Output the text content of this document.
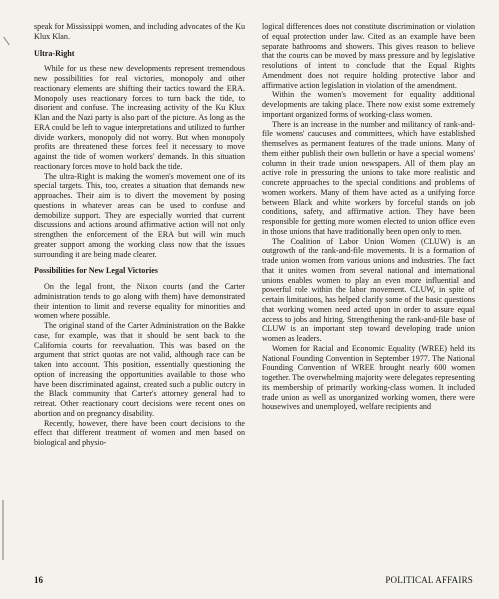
speak for Mississippi women, and including advocates of the Ku Klux Klan.

Ultra-Right

While for us these new developments represent tremendous new possibilities for real victories, monopoly and other reactionary elements are shifting their tactics toward the ERA. Monopoly uses reactionary forces to turn back the tide, to disorient and confuse. The increasing activity of the Ku Klux Klan and the Nazi party is also part of the picture. As long as the ERA could be left to vague interpretations and utilized to further divide workers, monopoly did not worry. But when monopoly profits are threatened these forces feel it necessary to move against the tide of women workers' demands. In this situation reactionary forces move to hold back the tide.

The ultra-Right is making the women's movement one of its special targets. This, too, creates a situation that demands new approaches. Their aim is to divert the movement by posing questions in whatever areas can be used to confuse and demobilize support. They are especially worried that current discussions and actions around affirmative action will not only strengthen the enforcement of the ERA but will win much greater support among the working class now that the issues surrounding it are being made clearer.

Possibilities for New Legal Victories

On the legal front, the Nixon courts (and the Carter administration tends to go along with them) have demonstrated their intention to limit and reverse equality for minorities and women where possible.

The original stand of the Carter Administration on the Bakke case, for example, was that it should be sent back to the California courts for reevaluation. This was based on the argument that strict quotas are not valid, although race can be taken into account. This position, essentially questioning the option of increasing the opportunities available to those who have been discriminated against, created such a public outcry in the Black community that Carter's attorney general had to retreat. Other reactionary court decisions were recent ones on abortion and on pregnancy disability.

Recently, however, there have been court decisions to the effect that different treatment of women and men based on biological and physio-

logical differences does not constitute discrimination or violation of equal protection under law. Cited as an example have been separate bathrooms and showers. This gives reason to believe that the courts can be moved by mass pressure and by legislative resolutions of intent to conclude that the Equal Rights Amendment does not require holding protective labor and affirmative action legislation in violation of the amendment.

Within the women's movement for equality additional developments are taking place. There now exist some extremely important organized forms of working-class women.

There is an increase in the number and militancy of rank-and-file womens' caucuses and committees, which have established themselves as permanent features of the trade unions. Many of them either publish their own bulletin or have a special womens' column in their trade union newspapers. All of them play an active role in pressuring the unions to take more realistic and concrete approaches to the special conditions and problems of women workers. Many of them have acted as a unifying force between Black and white workers by forceful stands on job conditions, safety, and affirmative action. They have been responsible for getting more women elected to union office even in those unions that have traditionally been open only to men.

The Coalition of Labor Union Women (CLUW) is an outgrowth of the rank-and-file movements. It is a formation of trade union women from various unions and industries. The fact that it unites women from several national and international unions enables women to play an even more influential and powerful role within the labor movement. CLUW, in spite of certain limitations, has helped clarify some of the basic questions that working women need acted upon in order to assure equal access to jobs and hiring. Strengthening the rank-and-file base of CLUW is an important step toward developing trade union women as leaders.

Women for Racial and Economic Equality (WREE) held its National Founding Convention in September 1977. The National Founding Convention of WREE brought nearly 600 women together. The overwhelming majority were delegates representing its membership of primarily working-class women. It included trade union as well as unorganized working women, there were housewives and unemployed, welfare recipients and

16	POLITICAL AFFAIRS
